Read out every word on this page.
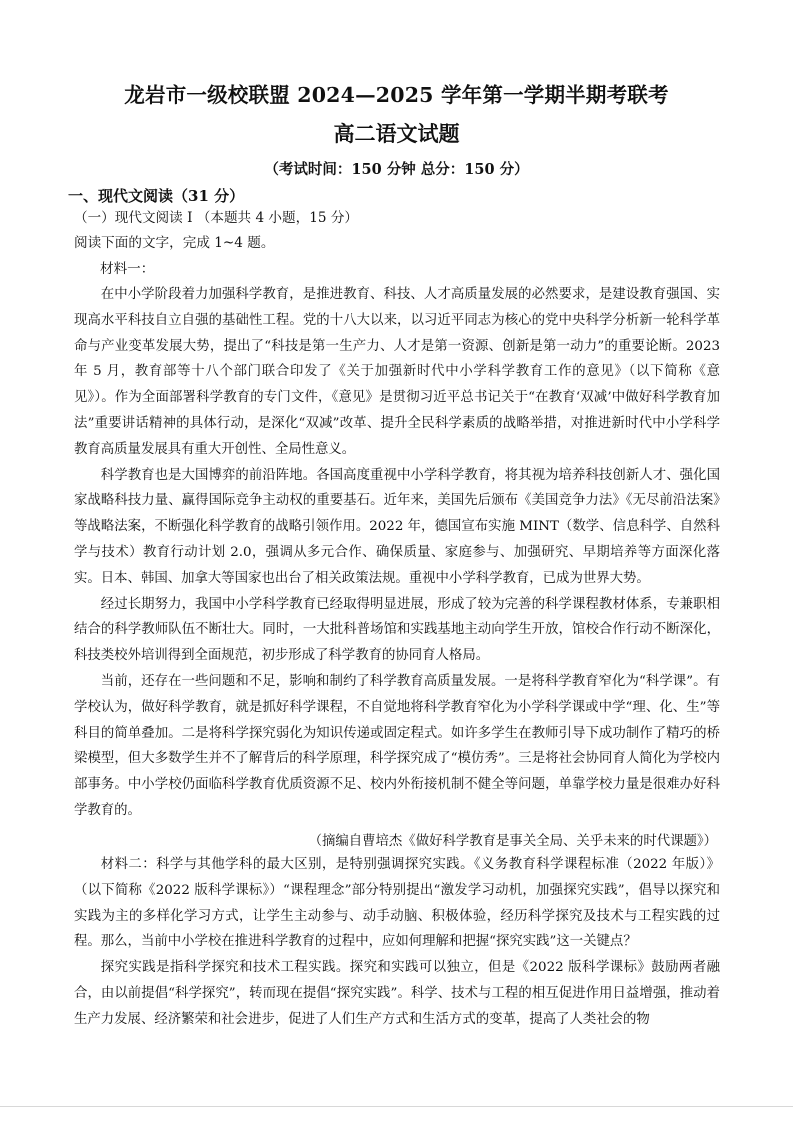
龙岩市一级校联盟 2024—2025 学年第一学期半期考联考
高二语文试题
（考试时间：150 分钟 总分：150 分）
一、现代文阅读（31 分）
（一）现代文阅读 I （本题共 4 小题，15 分）
阅读下面的文字，完成 1~4 题。
材料一：

在中小学阶段着力加强科学教育，是推进教育、科技、人才高质量发展的必然要求，是建设教育强国、实现高水平科技自立自强的基础性工程。党的十八大以来，以习近平同志为核心的党中央科学分析新一轮科学革命与产业变革发展大势，提出了“科技是第一生产力、人才是第一资源、创新是第一动力”的重要论断。2023 年 5 月，教育部等十八个部门联合印发了《关于加强新时代中小学科学教育工作的意见》（以下简称《意见》）。作为全面部署科学教育的专门文件，《意见》是贯彻习近平总书记关于“在教育‘双减’中做好科学教育加法”重要讲话精神的具体行动，是深化“双减”改革、提升全民科学素质的战略举措，对推进新时代中小学科学教育高质量发展具有重大开创性、全局性意义。

科学教育也是大国博弈的前沿阵地。各国高度重视中小学科学教育，将其视为培养科技创新人才、强化国家战略科技力量、赢得国际竞争主动权的重要基石。近年来，美国先后颁布《美国竞争力法》《无尽前沿法案》等战略法案，不断强化科学教育的战略引领作用。2022 年，德国宣布实施 MINT（数学、信息科学、自然科学与技术）教育行动计划 2.0，强调从多元合作、确保质量、家庭参与、加强研究、早期培养等方面深化落实。日本、韩国、加拿大等国家也出台了相关政策法规。重视中小学科学教育，已成为世界大势。

经过长期努力，我国中小学科学教育已经取得明显进展，形成了较为完善的科学课程教材体系，专兼职相结合的科学教师队伍不断壮大。同时，一大批科普场馆和实践基地主动向学生开放，馆校合作行动不断深化，科技类校外培训得到全面规范，初步形成了科学教育的协同育人格局。

当前，还存在一些问题和不足，影响和制约了科学教育高质量发展。一是将科学教育窄化为“科学课”。有学校认为，做好科学教育，就是抓好科学课程，不自觉地将科学教育窄化为小学科学课或中学“理、化、生”等科目的简单叠加。二是将科学探究弱化为知识传递或固定程式。如许多学生在教师引导下成功制作了精巧的桥梁模型，但大多数学生并不了解背后的科学原理，科学探究成了“模仿秀”。三是将社会协同育人简化为学校内部事务。中小学校仍面临科学教育优质资源不足、校内外衔接机制不健全等问题，单靠学校力量是很难办好科学教育的。

（摘编自曹培杰《做好科学教育是事关全局、关乎未来的时代课题》）

材料二：科学与其他学科的最大区别，是特别强调探究实践。《义务教育科学课程标准（2022 年版）》（以下简称《2022 版科学课标》）“课程理念”部分特别提出“激发学习动机，加强探究实践”，倡导以探究和实践为主的多样化学习方式，让学生主动参与、动手动脑、积极体验，经历科学探究及技术与工程实践的过程。那么，当前中小学校在推进科学教育的过程中，应如何理解和把握“探究实践”这一关键点？

探究实践是指科学探究和技术工程实践。探究和实践可以独立，但是《2022 版科学课标》鼓励两者融合，由以前提倡“科学探究”，转而现在提倡“探究实践”。科学、技术与工程的相互促进作用日益增强，推动着生产力发展、经济繁荣和社会进步，促进了人们生产方式和生活方式的变革，提高了人类社会的物
